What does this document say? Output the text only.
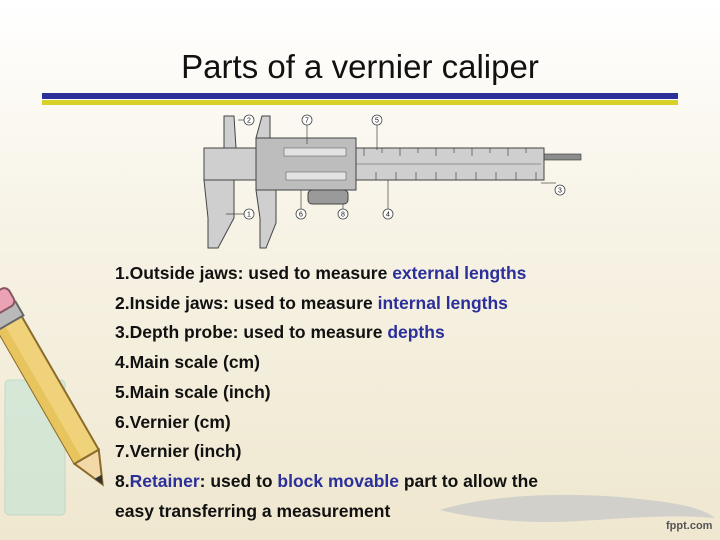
Parts of a vernier caliper
2	7	5
3
1	6	8	4
1.Outside jaws: used to measure external lengths
2.Inside jaws: used to measure internal lengths
3.Depth probe: used to measure depths
4.Main scale (cm)
5.Main scale (inch)
6.Vernier (cm)
7.Vernier (inch)
8.Retainer: used to block movable part to allow the
easy transferring a measurement
fppt.com
